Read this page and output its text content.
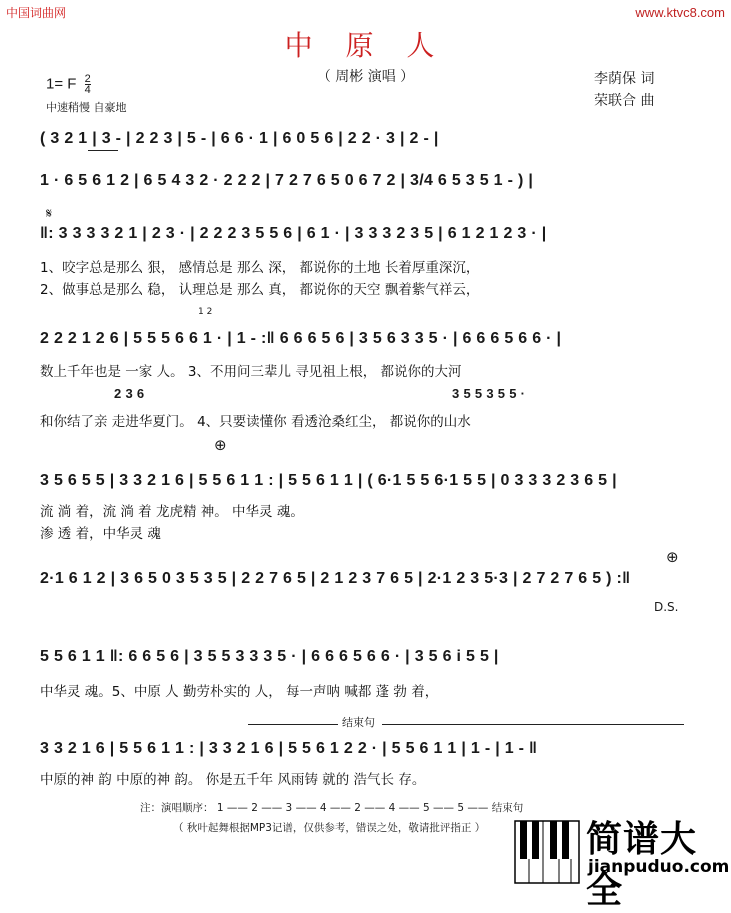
中国词曲网	www.ktvc8.com
中 原 人
（ 周彬 演唱 ）
1= F $\frac{2}{4}$
中速稍慢 自豪地
李荫保 词
荣联合 曲
( 3 2 1 | 3 - | 2 2 3 | 5 - | 6 6 · 1 | 6 0 5 6 | 2 2 · 3 | 2 - |
1 · 6 5 6 1 2 | 6 5 4 3 2 · 2 2 2 | 7 2 7 6 5 0 6 7 2 | 3/4 6 5 3 5 1 - ) |
𝄋
‖: 3 3 3 3 2 1 | 2 3 · | 2 2 2 3 5 5 6 | 6 1 · | 3 3 3 2 3 5 | 6 1 2 1 2 3 · |
1、咬字总是那么 狠， 感情总是 那么 深， 都说你的土地 长着厚重深沉，
2、做事总是那么 稳， 认理总是 那么 真， 都说你的天空 飘着紫气祥云，
1 2
2 2 2 1 2 6 | 5 5 5 6 6 1 · | 1 - :‖ 6 6 6 5 6 | 3 5 6 3 3 5 · | 6 6 6 5 6 6 · |
数上千年也是 一家 人。 3、不用问三辈儿 寻见祖上根， 都说你的大河
2 3 6	3 5 5 3 5 5 ·
和你结了亲 走进华夏门。 4、只要读懂你 看透沧桑红尘， 都说你的山水
⊕
3 5 6 5 5 | 3 3 2 1 6 | 5 5 6 1 1 : | 5 5 6 1 1 | ( 6·1 5 5 6·1 5 5 | 0 3 3 3 2 3 6 5 |
流 淌 着，流 淌 着 龙虎精 神。 中华灵 魂。
渗 透 着，中华灵 魂
2·1 6 1 2 | 3 6 5 0 3 5 3 5 | 2 2 7 6 5 | 2 1 2 3 7 6 5 | 2·1 2 3 5·3 | 2 7 2 7 6 5 ) :‖
⊕
D.S.
5 5 6 1 1 ‖: 6 6 5 6 | 3 5 5 3 3 3 5 · | 6 6 6 5 6 6 · | 3 5 6 i 5 5 |
中华灵 魂。5、中原 人 勤劳朴实的 人， 每一声呐 喊都 蓬 勃 着，
结束句
3 3 2 1 6 | 5 5 6 1 1 : | 3 3 2 1 6 | 5 5 6 1 2 2 · | 5 5 6 1 1 | 1 - | 1 - ‖
中原的神 韵 中原的神 韵。 你是五千年 风雨铸 就的 浩气长 存。
注：演唱顺序： 1 —— 2 —— 3 —— 4 —— 2 —— 4 —— 5 —— 5 —— 结束句
（ 秋叶起舞根据MP3记谱，仅供参考，错误之处，敬请批评指正 ）	简谱大全
jianpuduo.com
